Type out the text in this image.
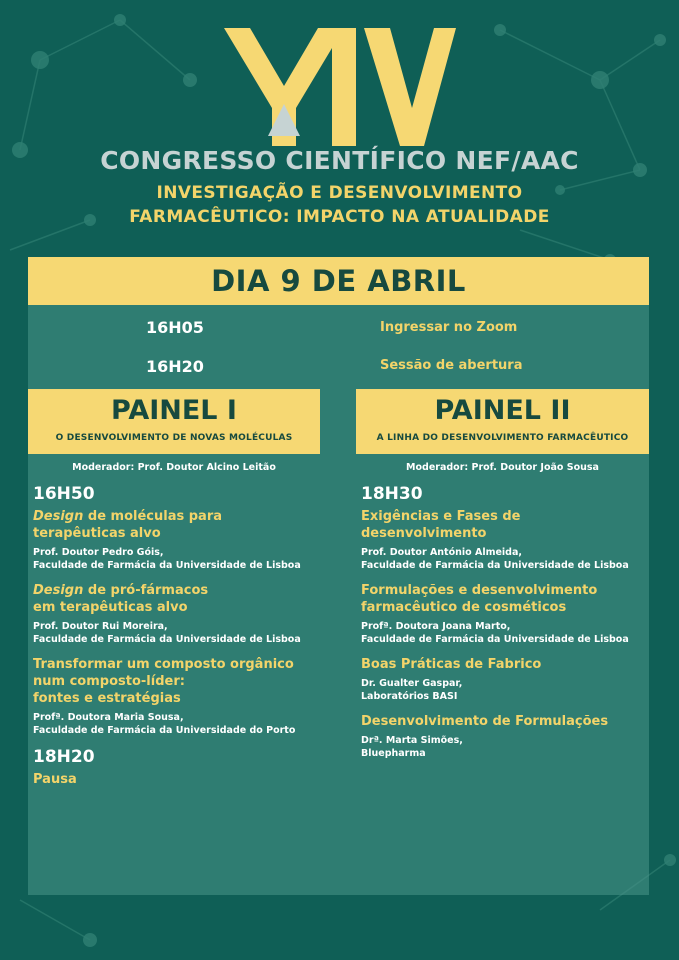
CONGRESSO CIENTÍFICO NEF/AAC
INVESTIGAÇÃO E DESENVOLVIMENTO
FARMACÊUTICO: IMPACTO NA ATUALIDADE
DIA 9 DE ABRIL
16H05	Ingressar no Zoom
16H20	Sessão de abertura
PAINEL I
O DESENVOLVIMENTO DE NOVAS MOLÉCULAS
PAINEL II
A LINHA DO DESENVOLVIMENTO FARMACÊUTICO
Moderador: Prof. Doutor Alcino Leitão	Moderador: Prof. Doutor João Sousa
16H50
Design de moléculas para
terapêuticas alvo
Prof. Doutor Pedro Góis,
Faculdade de Farmácia da Universidade de Lisboa
Design de pró-fármacos
em terapêuticas alvo
Prof. Doutor Rui Moreira,
Faculdade de Farmácia da Universidade de Lisboa
Transformar um composto orgânico
num composto-líder:
fontes e estratégias
Profª. Doutora Maria Sousa,
Faculdade de Farmácia da Universidade do Porto
18H20
Pausa
18H30
Exigências e Fases de
desenvolvimento
Prof. Doutor António Almeida,
Faculdade de Farmácia da Universidade de Lisboa
Formulações e desenvolvimento
farmacêutico de cosméticos
Profª. Doutora Joana Marto,
Faculdade de Farmácia da Universidade de Lisboa
Boas Práticas de Fabrico
Dr. Gualter Gaspar,
Laboratórios BASI
Desenvolvimento de Formulações
Drª. Marta Simões,
Bluepharma
